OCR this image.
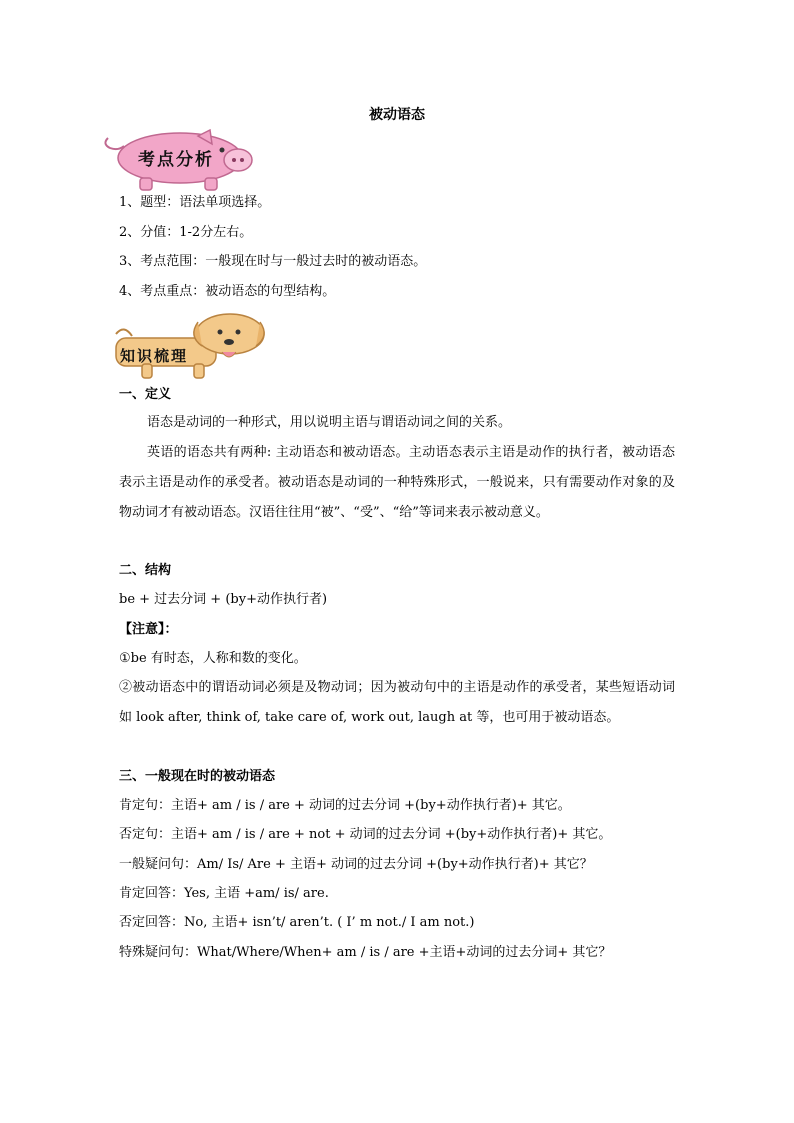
被动语态
考点分析
1、题型：语法单项选择。
2、分值：1-2分左右。
3、考点范围：一般现在时与一般过去时的被动语态。
4、考点重点：被动语态的句型结构。
知识梳理
一、定义
语态是动词的一种形式，用以说明主语与谓语动词之间的关系。
英语的语态共有两种: 主动语态和被动语态。主动语态表示主语是动作的执行者，被动语态表示主语是动作的承受者。被动语态是动词的一种特殊形式，一般说来，只有需要动作对象的及物动词才有被动语态。汉语往往用“被”、“受”、“给”等词来表示被动意义。
二、结构
be + 过去分词 + (by+动作执行者)
【注意】：
①be 有时态，人称和数的变化。
②被动语态中的谓语动词必须是及物动词；因为被动句中的主语是动作的承受者，某些短语动词如 look after, think of, take care of, work out, laugh at 等，也可用于被动语态。
三、一般现在时的被动语态
肯定句：主语+ am / is / are + 动词的过去分词 +(by+动作执行者)+ 其它。
否定句：主语+ am / is / are + not + 动词的过去分词 +(by+动作执行者)+ 其它。
一般疑问句：Am/ Is/ Are + 主语+ 动词的过去分词 +(by+动作执行者)+ 其它？
肯定回答：Yes, 主语 +am/ is/ are.
否定回答：No, 主语+ isn’t/ aren’t. ( I’ m not./ I am not.)
特殊疑问句：What/Where/When+ am / is / are +主语+动词的过去分词+ 其它？
